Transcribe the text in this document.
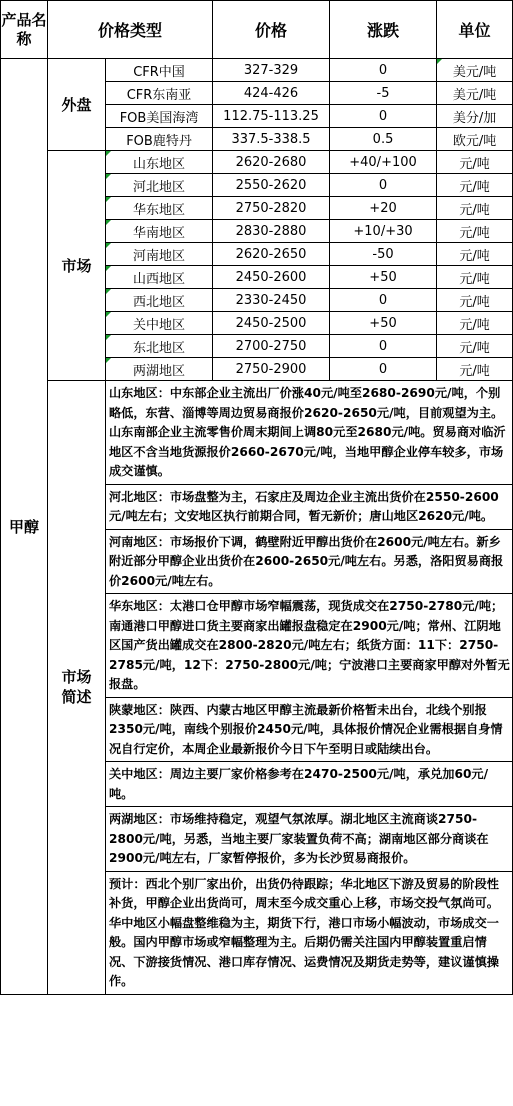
产品名称	价格类型	价格	涨跌	单位
甲醇	外盘	CFR中国	327-329	0	美元/吨
CFR东南亚	424-426	-5	美元/吨
FOB美国海湾	112.75-113.25	0	美分/加
FOB鹿特丹	337.5-338.5	0.5	欧元/吨
市场	山东地区	2620-2680	+40/+100	元/吨
河北地区	2550-2620	0	元/吨
华东地区	2750-2820	+20	元/吨
华南地区	2830-2880	+10/+30	元/吨
河南地区	2620-2650	-50	元/吨
山西地区	2450-2600	+50	元/吨
西北地区	2330-2450	0	元/吨
关中地区	2450-2500	+50	元/吨
东北地区	2700-2750	0	元/吨
两湖地区	2750-2900	0	元/吨
市场简述	
山东地区：中东部企业主流出厂价涨40元/吨至2680-2690元/吨，个别略低，东营、淄博等周边贸易商报价2620-2650元/吨，目前观望为主。 山东南部企业主流零售价周末期间上调80元至2680元/吨。贸易商对临沂地区不含当地货源报价2660-2670元/吨，当地甲醇企业停车较多，市场成交谨慎。
河北地区：市场盘整为主，石家庄及周边企业主流出货价在2550-2600元/吨左右；文安地区执行前期合同，暂无新价；唐山地区2620元/吨。
河南地区：市场报价下调，鹤壁附近甲醇出货价在2600元/吨左右。新乡附近部分甲醇企业出货价在2600-2650元/吨左右。另悉，洛阳贸易商报价2600元/吨左右。
华东地区：太港口仓甲醇市场窄幅震荡，现货成交在2750-2780元/吨；南通港口甲醇进口货主要商家出罐报盘稳定在2900元/吨；常州、江阴地区国产货出罐成交在2800-2820元/吨左右；纸货方面：11下：2750-2785元/吨，12下：2750-2800元/吨；宁波港口主要商家甲醇对外暂无报盘。
陕蒙地区：陕西、内蒙古地区甲醇主流最新价格暂未出台，北线个别报2350元/吨，南线个别报价2450元/吨，具体报价情况企业需根据自身情况自行定价，本周企业最新报价今日下午至明日或陆续出台。
关中地区：周边主要厂家价格参考在2470-2500元/吨，承兑加60元/吨。
两湖地区：市场维持稳定，观望气氛浓厚。湖北地区主流商谈2750-2800元/吨，另悉，当地主要厂家装置负荷不高；湖南地区部分商谈在2900元/吨左右，厂家暂停报价，多为长沙贸易商报价。
预计：西北个别厂家出价，出货仍待跟踪；华北地区下游及贸易的阶段性补货，甲醇企业出货尚可，周末至今成交重心上移，市场交投气氛尚可。华中地区小幅盘整维稳为主，期货下行，港口市场小幅波动，市场成交一般。国内甲醇市场或窄幅整理为主。后期仍需关注国内甲醇装置重启情况、下游接货情况、港口库存情况、运费情况及期货走势等，建议谨慎操作。
